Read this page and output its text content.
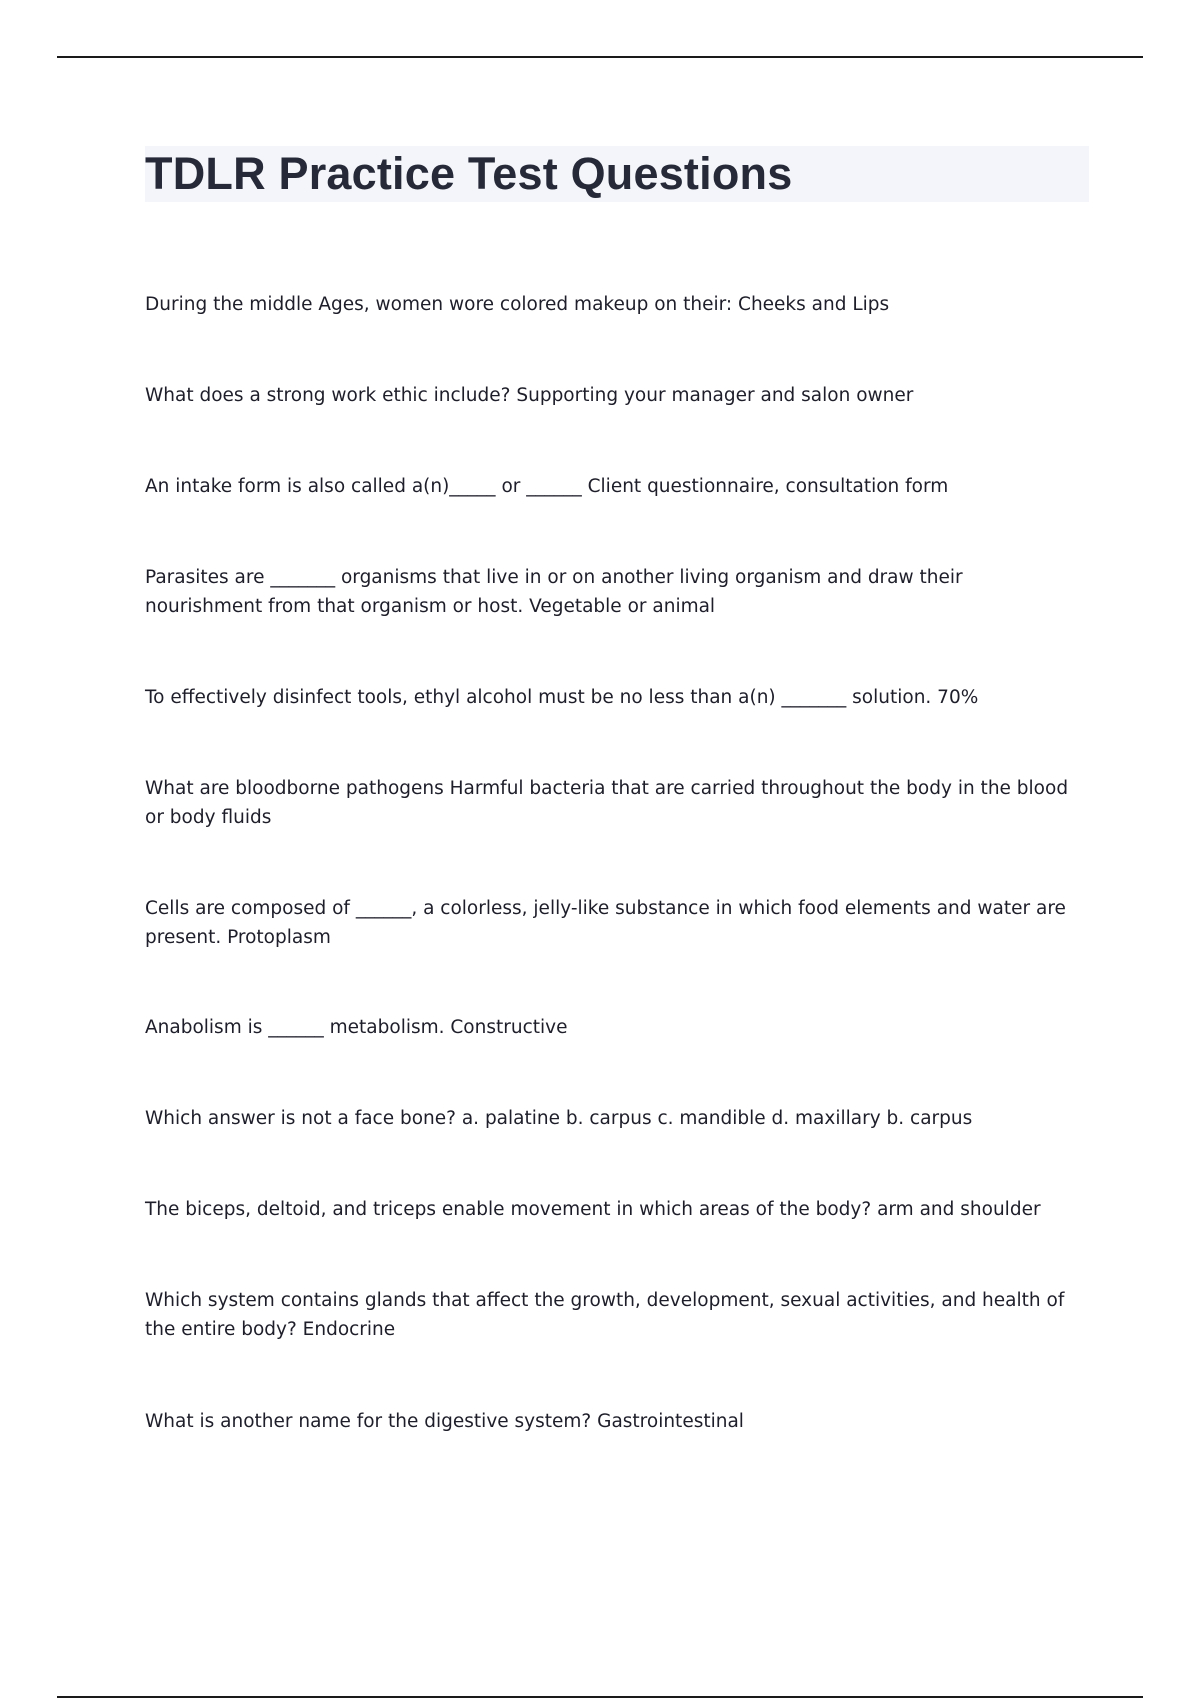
TDLR Practice Test Questions

During the middle Ages, women wore colored makeup on their: Cheeks and Lips

What does a strong work ethic include? Supporting your manager and salon owner

An intake form is also called a(n)_____ or ______ Client questionnaire, consultation form

Parasites are _______ organisms that live in or on another living organism and draw their nourishment from that organism or host. Vegetable or animal

To effectively disinfect tools, ethyl alcohol must be no less than a(n) _______ solution. 70%

What are bloodborne pathogens Harmful bacteria that are carried throughout the body in the blood or body fluids

Cells are composed of ______, a colorless, jelly-like substance in which food elements and water are present. Protoplasm

Anabolism is ______ metabolism. Constructive

Which answer is not a face bone? a. palatine b. carpus c. mandible d. maxillary b. carpus

The biceps, deltoid, and triceps enable movement in which areas of the body? arm and shoulder

Which system contains glands that affect the growth, development, sexual activities, and health of the entire body? Endocrine

What is another name for the digestive system? Gastrointestinal
